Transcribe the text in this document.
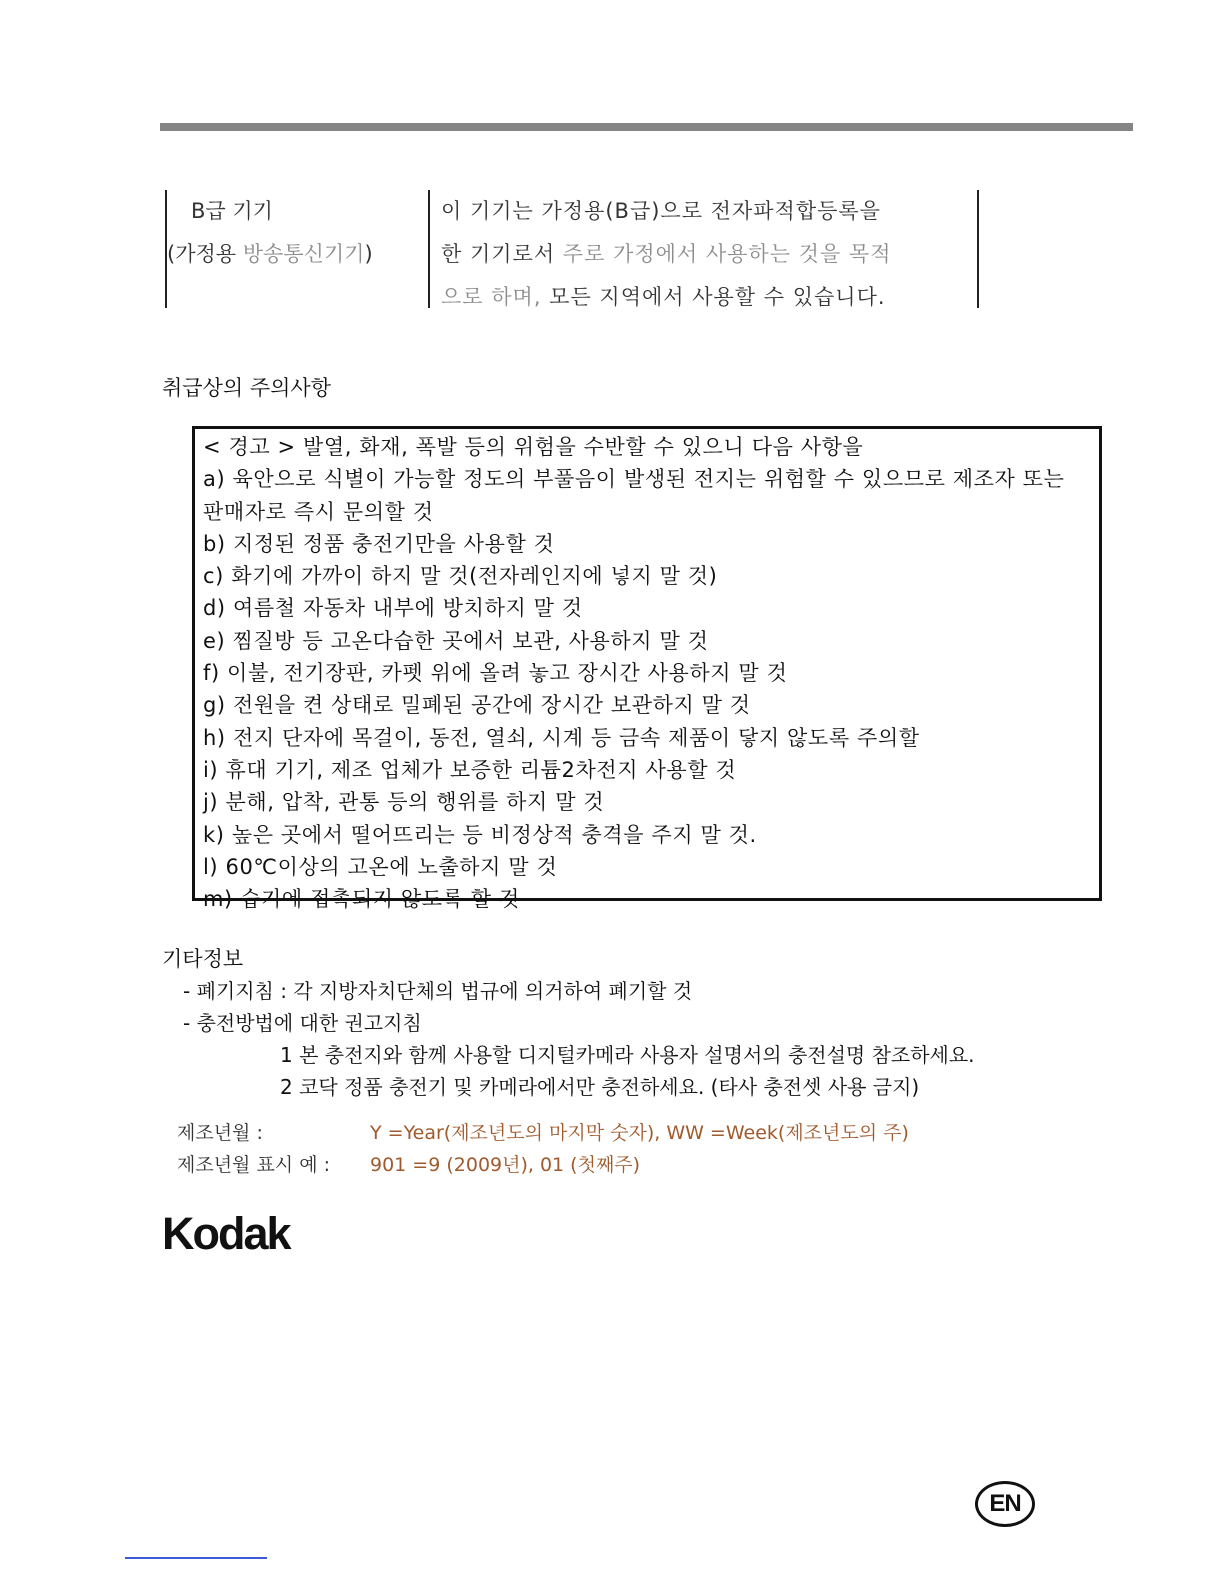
B급 기기
(가정용 방송통신기기)
이 기기는 가정용(B급)으로 전자파적합등록을
한 기기로서 주로 가정에서 사용하는 것을 목적
으로 하며, 모든 지역에서 사용할 수 있습니다.
취급상의 주의사항
< 경고 > 발열, 화재, 폭발 등의 위험을 수반할 수 있으니 다음 사항을
a) 육안으로 식별이 가능할 정도의 부풀음이 발생된 전지는 위험할 수 있으므로 제조자 또는 판매자로 즉시 문의할 것
b) 지정된 정품 충전기만을 사용할 것
c) 화기에 가까이 하지 말 것(전자레인지에 넣지 말 것)
d) 여름철 자동차 내부에 방치하지 말 것
e) 찜질방 등 고온다습한 곳에서 보관, 사용하지 말 것
f) 이불, 전기장판, 카펫 위에 올려 놓고 장시간 사용하지 말 것
g) 전원을 켠 상태로 밀폐된 공간에 장시간 보관하지 말 것
h) 전지 단자에 목걸이, 동전, 열쇠, 시계 등 금속 제품이 닿지 않도록 주의할
i) 휴대 기기, 제조 업체가 보증한 리튬2차전지 사용할 것
j) 분해, 압착, 관통 등의 행위를 하지 말 것
k) 높은 곳에서 떨어뜨리는 등 비정상적 충격을 주지 말 것.
l) 60℃이상의 고온에 노출하지 말 것
m) 습기에 접촉되지 않도록 할 것
기타정보
- 폐기지침 : 각 지방자치단체의 법규에 의거하여 폐기할 것
- 충전방법에 대한 권고지침
1 본 충전지와 함께 사용할 디지털카메라 사용자 설명서의 충전설명 참조하세요.
2 코닥 정품 충전기 및 카메라에서만 충전하세요. (타사 충전셋 사용 금지)
제조년월 :	Y =Year(제조년도의 마지막 숫자), WW =Week(제조년도의 주)
제조년월 표시 예 : 901 =9 (2009년), 01 (첫째주)
Kodak
EN
